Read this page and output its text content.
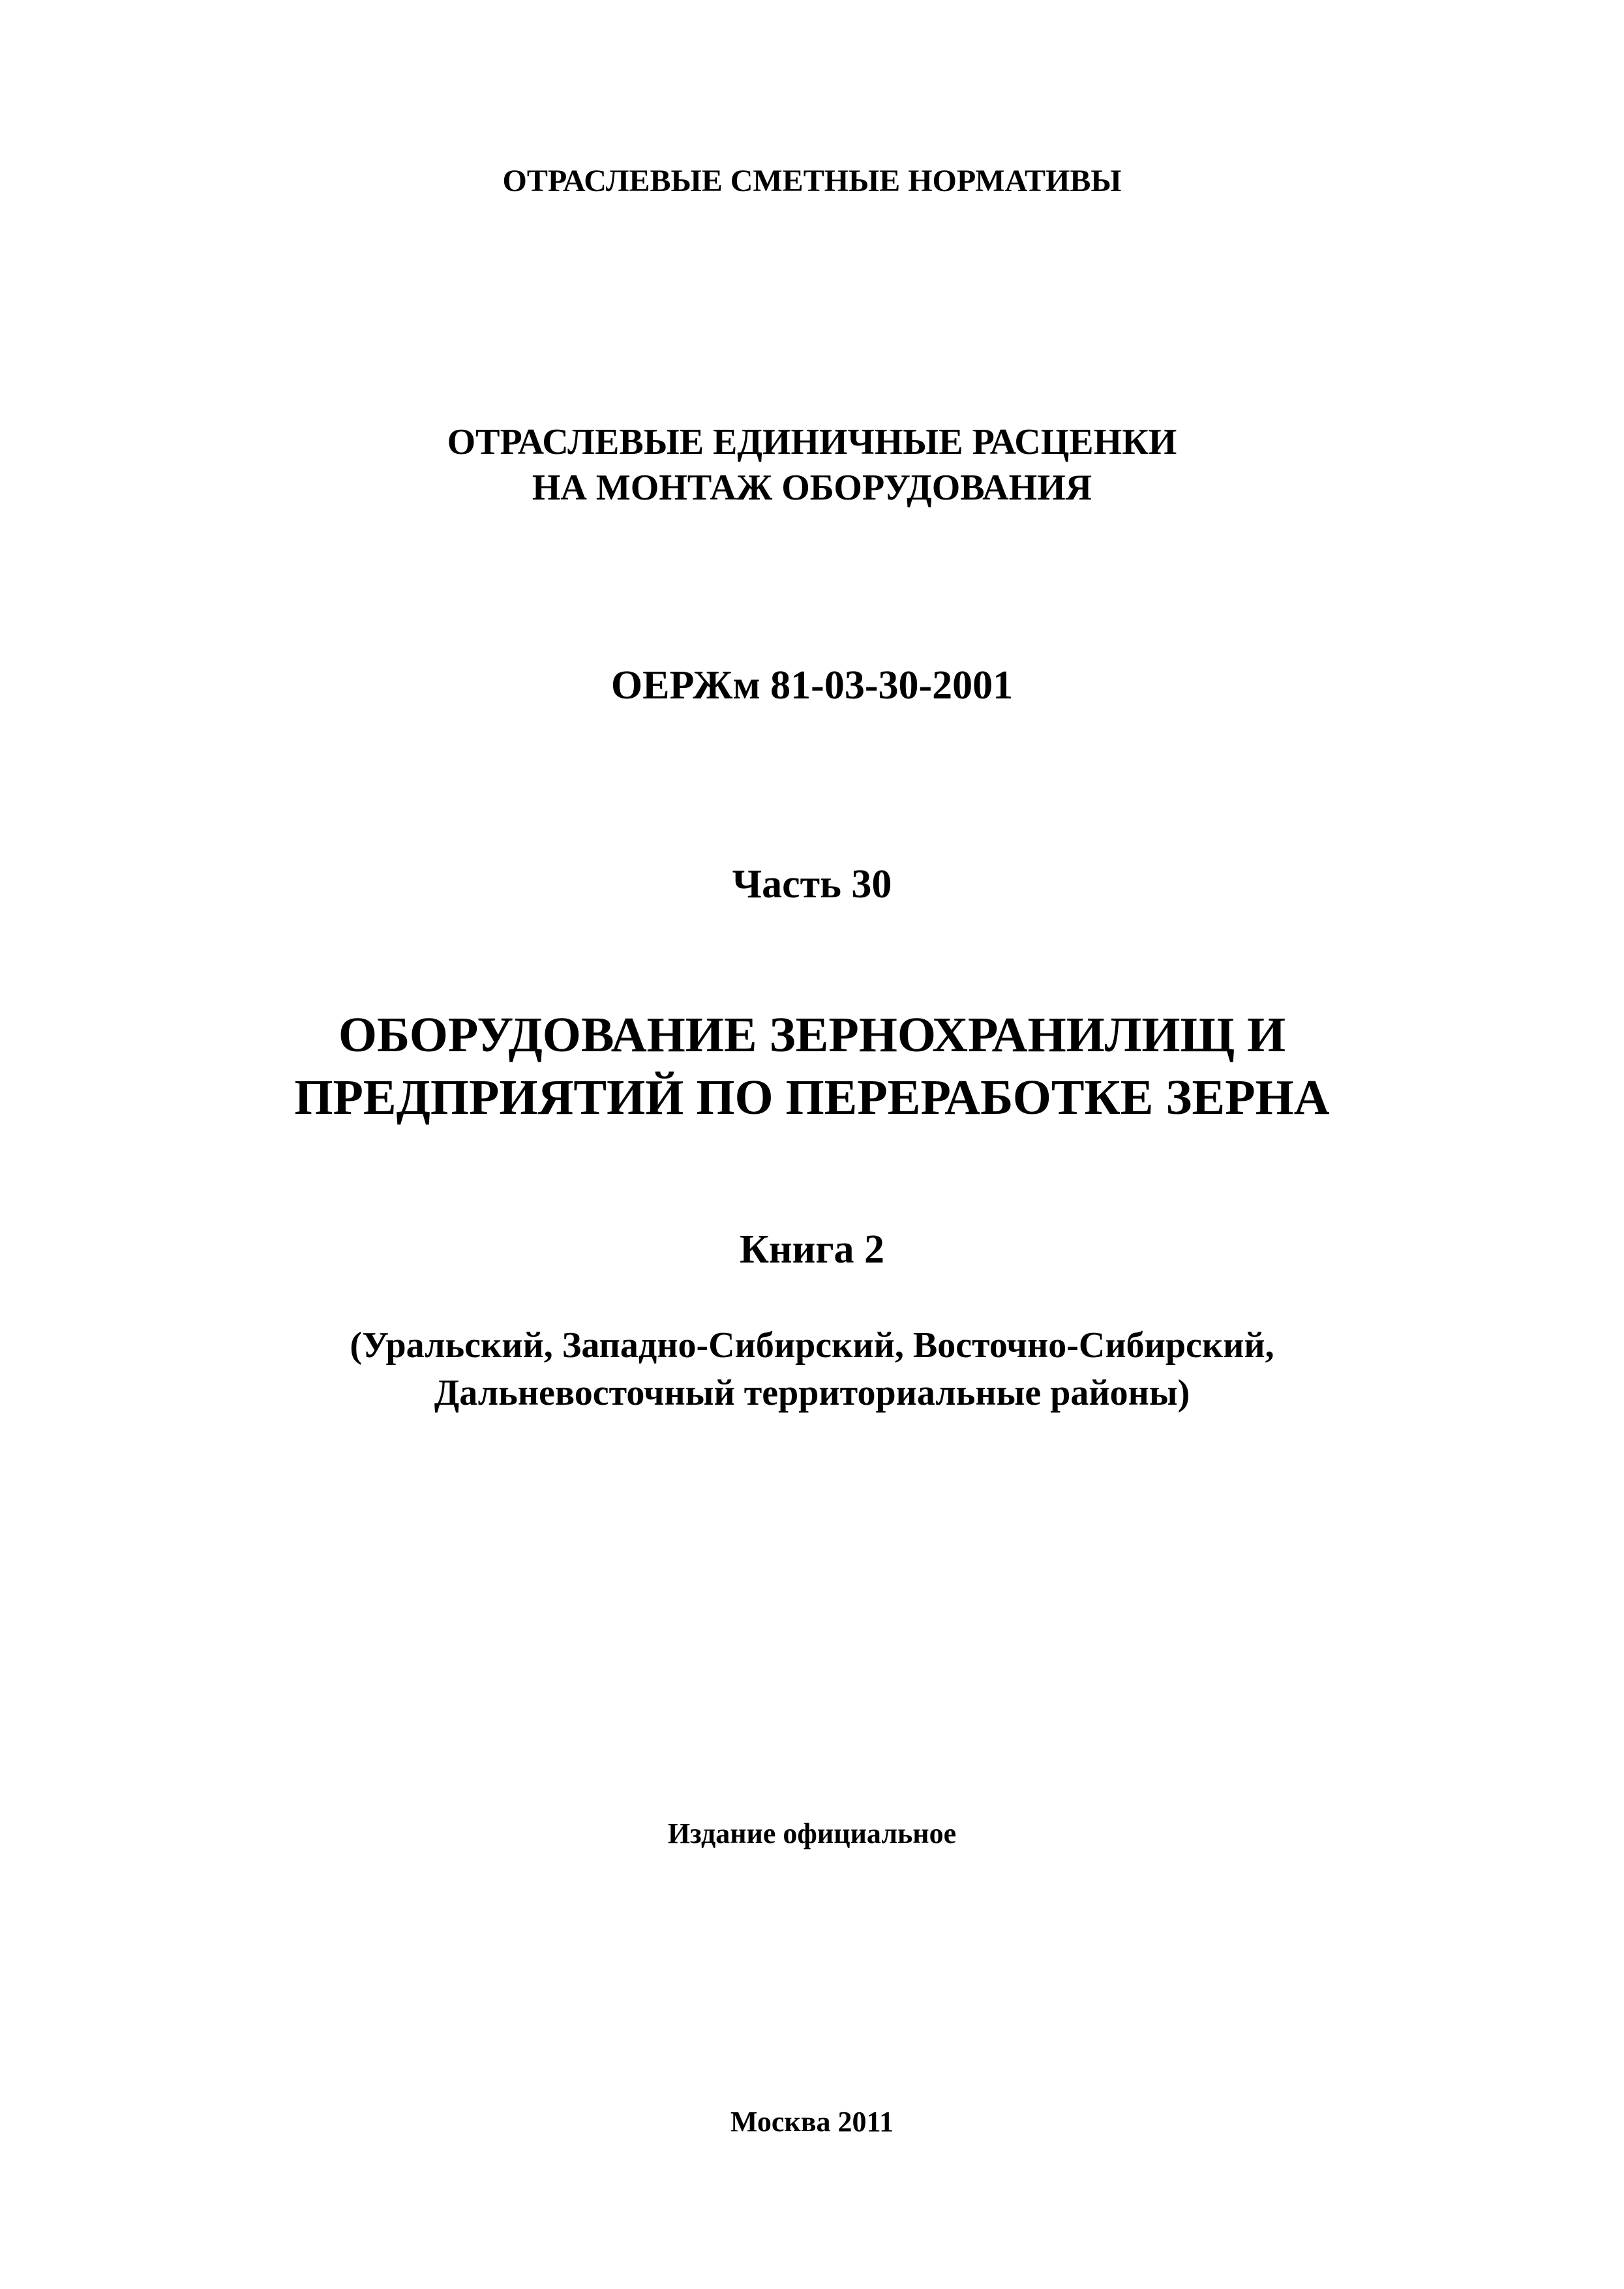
ОТРАСЛЕВЫЕ СМЕТНЫЕ НОРМАТИВЫ
ОТРАСЛЕВЫЕ ЕДИНИЧНЫЕ РАСЦЕНКИ
НА МОНТАЖ ОБОРУДОВАНИЯ
ОЕРЖм 81-03-30-2001
Часть 30
ОБОРУДОВАНИЕ ЗЕРНОХРАНИЛИЩ И
ПРЕДПРИЯТИЙ ПО ПЕРЕРАБОТКЕ ЗЕРНА
Книга 2
(Уральский, Западно-Сибирский, Восточно-Сибирский,
Дальневосточный территориальные районы)
Издание официальное
Москва 2011
